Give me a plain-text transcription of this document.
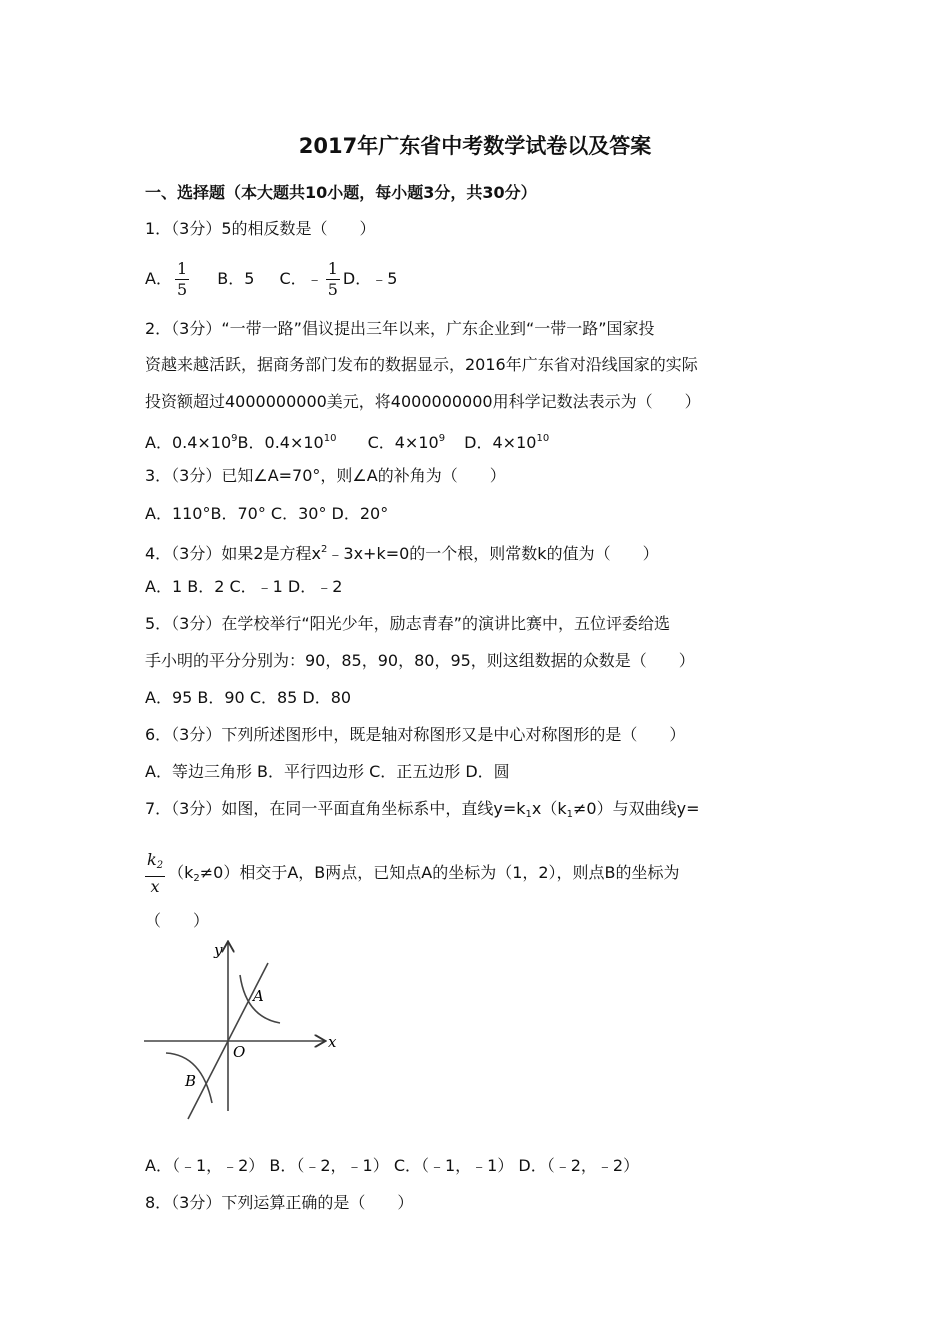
2017年广东省中考数学试卷以及答案
一、选择题（本大题共10小题，每小题3分，共30分）
1．（3分）5的相反数是（　　）
A． $\frac{1}{5}$ B．5 C．﹣ $\frac{1}{5}$ D．﹣5
2．（3分）“一带一路”倡议提出三年以来，广东企业到“一带一路”国家投
资越来越活跃，据商务部门发布的数据显示，2016年广东省对沿线国家的实际
投资额超过4000000000美元，将4000000000用科学记数法表示为（　　）
A．$0.4\times 10^9B$．$0.4\times 10^{10}$ C．$4\times 10^9$ D．$4\times 10^{10}$
3．（3分）已知∠A=70°，则∠A的补角为（　　）
A．110°B．70° C．30° D．20°
4．（3分）如果2是方程$x^2﹣3x+k=0$的一个根，则常数k的值为（　　）
A．1 B．2 C．﹣1 D．﹣2
5．（3分）在学校举行“阳光少年，励志青春”的演讲比赛中，五位评委给选
手小明的平分分别为：90，85，90，80，95，则这组数据的众数是（　　）
A．95 B．90 C．85 D．80
6．（3分）下列所述图形中，既是轴对称图形又是中心对称图形的是（　　）
A．等边三角形 B．平行四边形 C．正五边形 D．圆
7．（3分）如图，在同一平面直角坐标系中，直线$y=k_1x(k_1\ne 0)$与双曲线y=
$\frac{k_2}{x} (k_2\ne 0)$相交于A，B两点，已知点A的坐标为（1，2），则点B的坐标为
（　　）
y
x
O
A
B
A．（﹣1，﹣2） B．（﹣2，﹣1） C．（﹣1，﹣1） D．（﹣2，﹣2）
8．（3分）下列运算正确的是（　　）
